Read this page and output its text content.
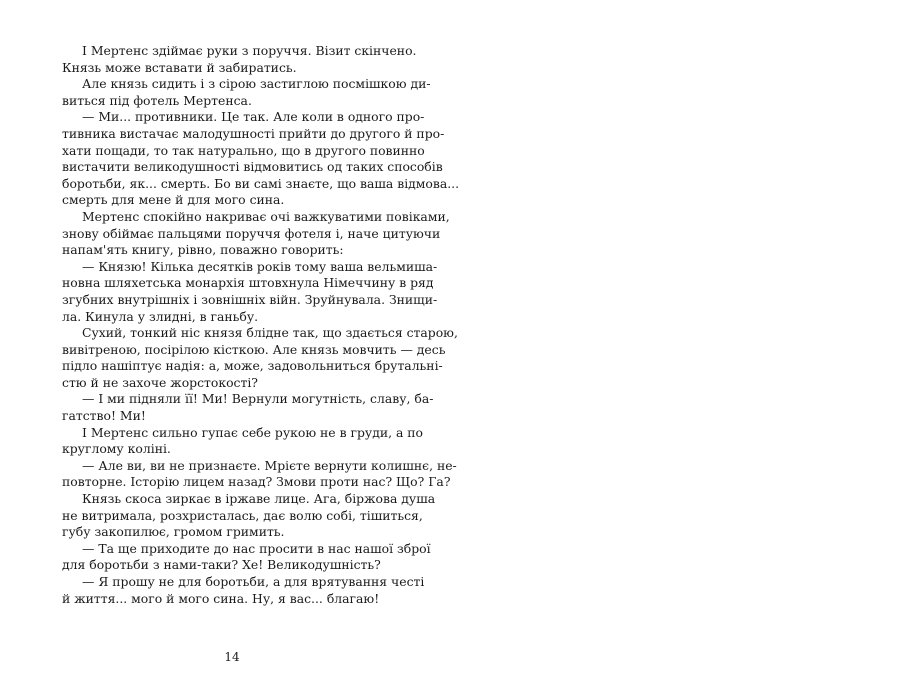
І Мертенс здіймає руки з поруччя. Візит скінчено.
Князь може вставати й забиратись.
Але князь сидить і з сірою застиглою посмішкою ди-
виться під фотель Мертенса.
— Ми... противники. Це так. Але коли в одного про-
тивника вистачає малодушності прийти до другого й про-
хати пощади, то так натурально, що в другого повинно
вистачити великодушності відмовитись од таких способів
боротьби, як... смерть. Бо ви самі знаєте, що ваша відмова...
смерть для мене й для мого сина.
Мертенс спокійно накриває очі важкуватими повіками,
знову обіймає пальцями поруччя фотеля і, наче цитуючи
напам'ять книгу, рівно, поважно говорить:
— Князю! Кілька десятків років тому ваша вельмиша-
новна шляхетська монархія штовхнула Німеччину в ряд
згубних внутрішніх і зовнішніх війн. Зруйнувала. Знищи-
ла. Кинула у злидні, в ганьбу.
Сухий, тонкий ніс князя блідне так, що здається старою,
вивітреною, посірілою кісткою. Але князь мовчить — десь
підло нашіптує надія: а, може, задовольниться брутальні-
стю й не захоче жорстокості?
— І ми підняли її! Ми! Вернули могутність, славу, ба-
гатство! Ми!
І Мертенс сильно гупає себе рукою не в груди, а по
круглому коліні.
— Але ви, ви не признаєте. Мрієте вернути колишнє, не-
повторне. Історію лицем назад? Змови проти нас? Що? Га?
Князь скоса зиркає в іржаве лице. Ага, біржова душа
не витримала, розхристалась, дає волю собі, тішиться,
губу закопилює, громом гримить.
— Та ще приходите до нас просити в нас нашої зброї
для боротьби з нами-таки? Хе! Великодушність?
— Я прошу не для боротьби, а для врятування честі
й життя... мого й мого сина. Ну, я вас... благаю!
14
